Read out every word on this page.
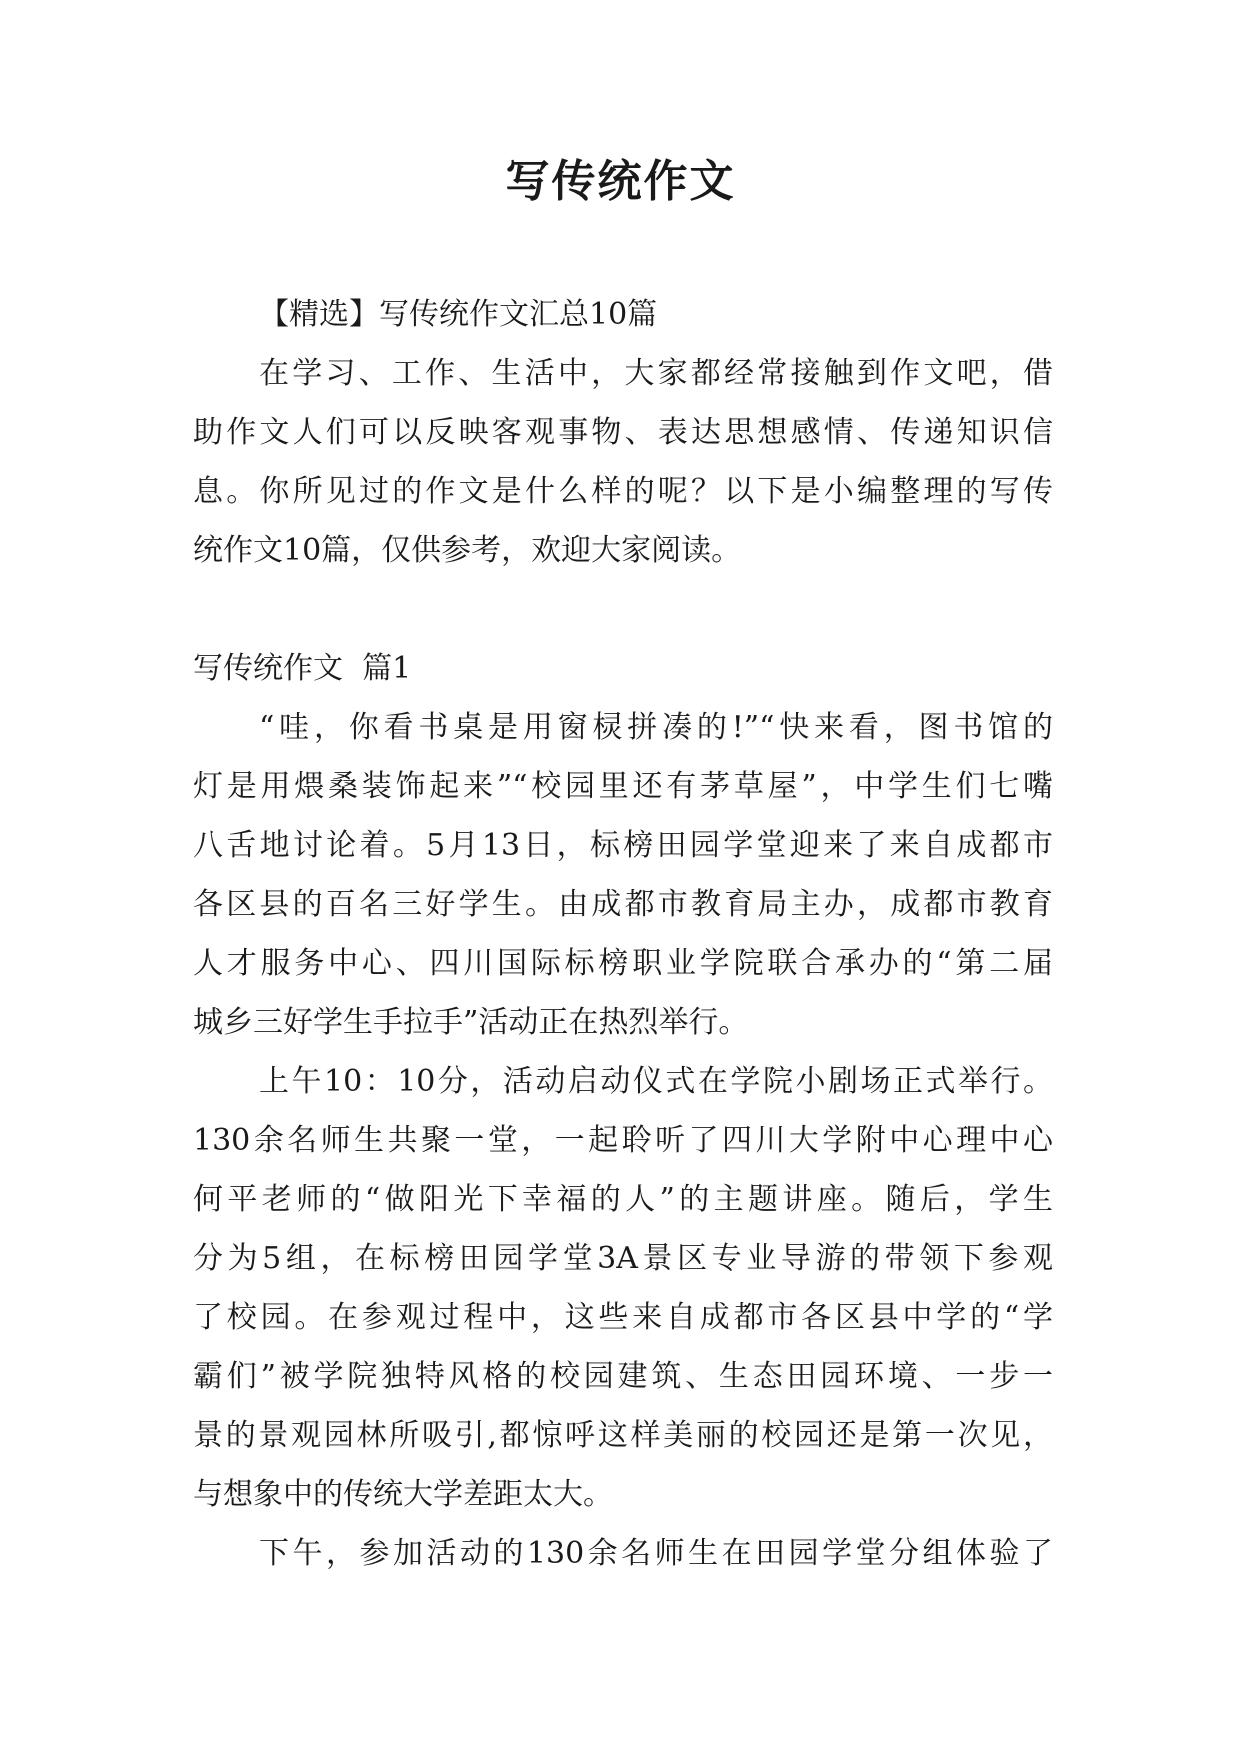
写传统作文

【精选】写传统作文汇总10篇

在学习、工作、生活中，大家都经常接触到作文吧，借

助作文人们可以反映客观事物、表达思想感情、传递知识信

息。你所见过的作文是什么样的呢？以下是小编整理的写传

统作文10篇，仅供参考，欢迎大家阅读。

写传统作文  篇1

“哇，你看书桌是用窗棂拼凑的!”“快来看，图书馆的

灯是用煨桑装饰起来”“校园里还有茅草屋”，中学生们七嘴

八舌地讨论着。5月13日，标榜田园学堂迎来了来自成都市

各区县的百名三好学生。由成都市教育局主办，成都市教育

人才服务中心、四川国际标榜职业学院联合承办的“第二届

城乡三好学生手拉手”活动正在热烈举行。

上午10：10分，活动启动仪式在学院小剧场正式举行。

130余名师生共聚一堂，一起聆听了四川大学附中心理中心

何平老师的“做阳光下幸福的人”的主题讲座。随后，学生

分为5组，在标榜田园学堂3A景区专业导游的带领下参观

了校园。在参观过程中，这些来自成都市各区县中学的“学

霸们”被学院独特风格的校园建筑、生态田园环境、一步一

景的景观园林所吸引,都惊呼这样美丽的校园还是第一次见，

与想象中的传统大学差距太大。

下午，参加活动的130余名师生在田园学堂分组体验了
